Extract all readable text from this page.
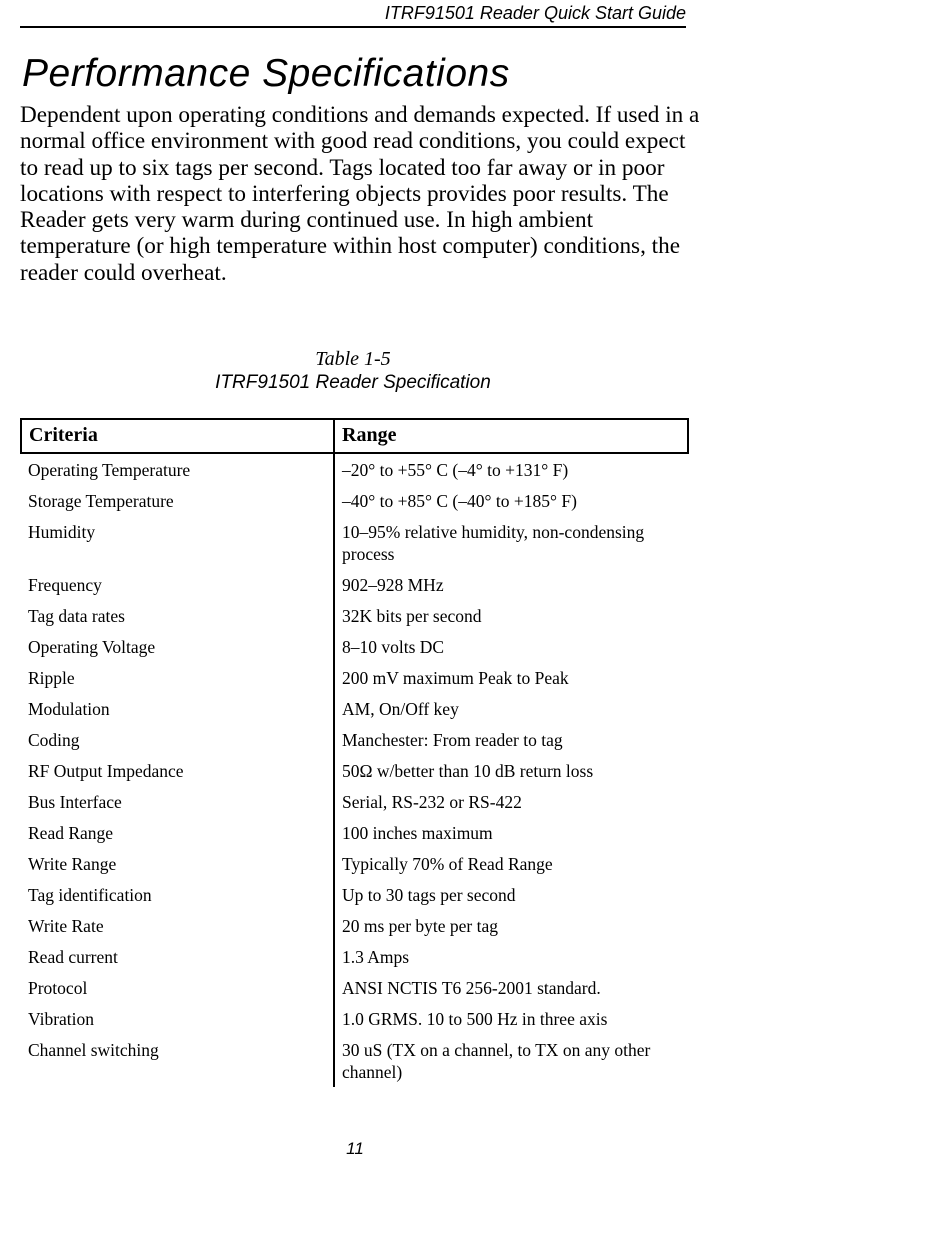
ITRF91501 Reader Quick Start Guide
Performance Specifications

Dependent upon operating conditions and demands expected. If used in a normal office environment with good read conditions, you could expect to read up to six tags per second. Tags located too far away or in poor locations with respect to interfering objects provides poor results. The Reader gets very warm during continued use. In high ambient temperature (or high temperature within host computer) conditions, the reader could overheat.

Table 1-5
ITRF91501 Reader Specification
Criteria	Range
Operating Temperature	–20° to +55° C (–4° to +131° F)
Storage Temperature	–40° to +85° C (–40° to +185° F)
Humidity	10–95% relative humidity, non-condensing process
Frequency	902–928 MHz
Tag data rates	32K bits per second
Operating Voltage	8–10 volts DC
Ripple	200 mV maximum Peak to Peak
Modulation	AM, On/Off key
Coding	Manchester: From reader to tag
RF Output Impedance	50Ω w/better than 10 dB return loss
Bus Interface	Serial, RS-232 or RS-422
Read Range	100 inches maximum
Write Range	Typically 70% of Read Range
Tag identification	Up to 30 tags per second
Write Rate	20 ms per byte per tag
Read current	1.3 Amps
Protocol	ANSI NCTIS T6 256-2001 standard.
Vibration	1.0 GRMS. 10 to 500 Hz in three axis
Channel switching	30 uS (TX on a channel, to TX on any other channel)
11
